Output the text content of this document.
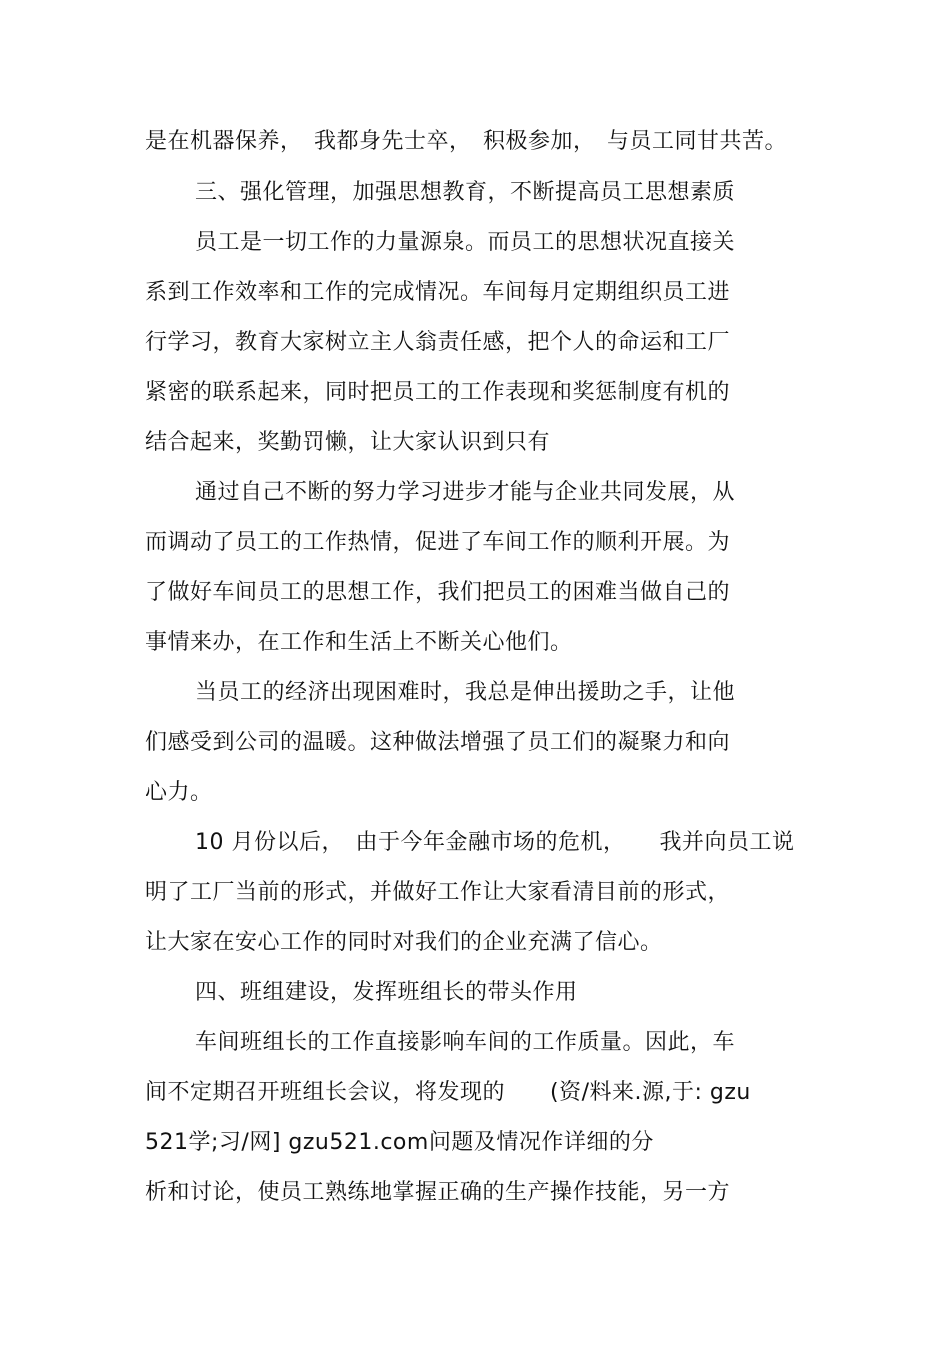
是在机器保养，　我都身先士卒，　积极参加，　与员工同甘共苦。
三、强化管理，加强思想教育，不断提高员工思想素质
员工是一切工作的力量源泉。而员工的思想状况直接关
系到工作效率和工作的完成情况。车间每月定期组织员工进
行学习，教育大家树立主人翁责任感，把个人的命运和工厂
紧密的联系起来，同时把员工的工作表现和奖惩制度有机的
结合起来，奖勤罚懒，让大家认识到只有
通过自己不断的努力学习进步才能与企业共同发展，从
而调动了员工的工作热情，促进了车间工作的顺利开展。为
了做好车间员工的思想工作，我们把员工的困难当做自己的
事情来办，在工作和生活上不断关心他们。
当员工的经济出现困难时，我总是伸出援助之手，让他
们感受到公司的温暖。这种做法增强了员工们的凝聚力和向
心力。
10 月份以后，　由于今年金融市场的危机，　　我并向员工说
明了工厂当前的形式，并做好工作让大家看清目前的形式，
让大家在安心工作的同时对我们的企业充满了信心。
四、班组建设，发挥班组长的带头作用
车间班组长的工作直接影响车间的工作质量。因此，车
间不定期召开班组长会议，将发现的　　(资/料来.源,于: gzu
521学;习/网] gzu521.com问题及情况作详细的分
析和讨论，使员工熟练地掌握正确的生产操作技能，另一方
